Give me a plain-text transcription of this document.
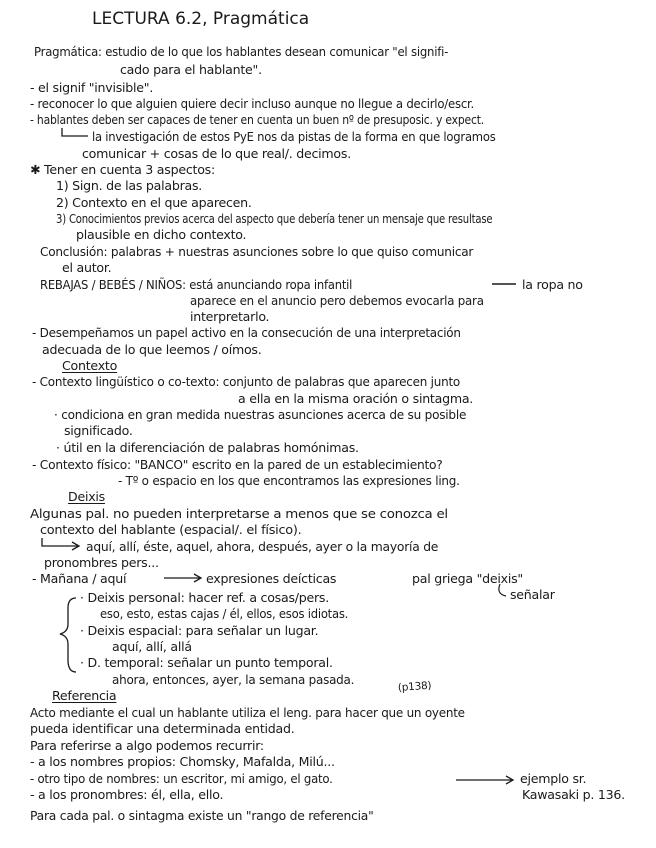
LECTURA 6.2, Pragmática
Pragmática: estudio de lo que los hablantes desean comunicar "el signifi-
cado para el hablante".
- el signif "invisible".
- reconocer lo que alguien quiere decir incluso aunque no llegue a decirlo/escr.
- hablantes deben ser capaces de tener en cuenta un buen nº de presuposic. y expect.
la investigación de estos PyE nos da pistas de la forma en que logramos
comunicar + cosas de lo que real/. decimos.
✱ Tener en cuenta 3 aspectos:
1) Sign. de las palabras.
2) Contexto en el que aparecen.
3) Conocimientos previos acerca del aspecto que debería tener un mensaje que resultase
plausible en dicho contexto.
Conclusión: palabras + nuestras asunciones sobre lo que quiso comunicar
el autor.
REBAJAS / BEBÉS / NIÑOS: está anunciando ropa infantil	la ropa no
aparece en el anuncio pero debemos evocarla para
interpretarlo.
- Desempeñamos un papel activo en la consecución de una interpretación
adecuada de lo que leemos / oímos.
Contexto
- Contexto lingüístico o co-texto: conjunto de palabras que aparecen junto
a ella en la misma oración o sintagma.
· condiciona en gran medida nuestras asunciones acerca de su posible
significado.
· útil en la diferenciación de palabras homónimas.
- Contexto físico: "BANCO" escrito en la pared de un establecimiento?
- Tº o espacio en los que encontramos las expresiones ling.
Deixis
Algunas pal. no pueden interpretarse a menos que se conozca el
contexto del hablante (espacial/. el físico).
aquí, allí, éste, aquel, ahora, después, ayer o la mayoría de
pronombres pers...
- Mañana / aquí	expresiones deícticas	pal griega "deixis"
señalar
· Deixis personal: hacer ref. a cosas/pers.
eso, esto, estas cajas / él, ellos, esos idiotas.
· Deixis espacial: para señalar un lugar.
aquí, allí, allá
· D. temporal: señalar un punto temporal.
ahora, entonces, ayer, la semana pasada.	(p138)
Referencia
Acto mediante el cual un hablante utiliza el leng. para hacer que un oyente
pueda identificar una determinada entidad.
Para referirse a algo podemos recurrir:
- a los nombres propios: Chomsky, Mafalda, Milú...
- otro tipo de nombres: un escritor, mi amigo, el gato.	ejemplo sr.
Kawasaki p. 136.
- a los pronombres: él, ella, ello.
Para cada pal. o sintagma existe un "rango de referencia"
